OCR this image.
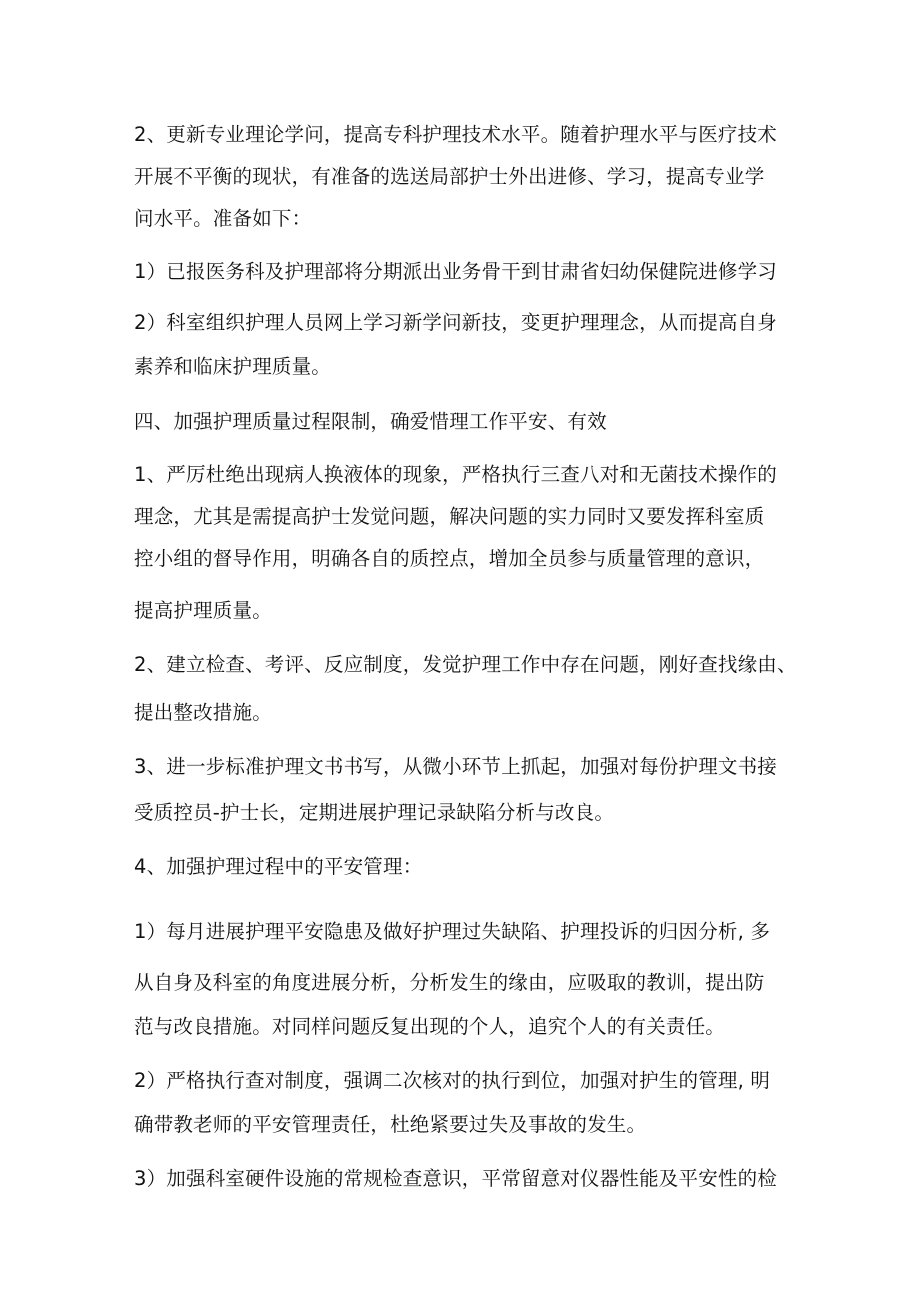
2、更新专业理论学问，提高专科护理技术水平。随着护理水平与医疗技术
开展不平衡的现状，有准备的选送局部护士外出进修、学习，提高专业学
问水平。准备如下：
1）已报医务科及护理部将分期派出业务骨干到甘肃省妇幼保健院进修学习
2）科室组织护理人员网上学习新学问新技，变更护理理念，从而提高自身
素养和临床护理质量。
四、加强护理质量过程限制，确爱惜理工作平安、有效
1、严厉杜绝出现病人换液体的现象，严格执行三查八对和无菌技术操作的
理念，尤其是需提高护士发觉问题，解决问题的实力同时又要发挥科室质
控小组的督导作用，明确各自的质控点，增加全员参与质量管理的意识，
提高护理质量。
2、建立检查、考评、反应制度，发觉护理工作中存在问题，刚好查找缘由、
提出整改措施。
3、进一步标准护理文书书写，从微小环节上抓起，加强对每份护理文书接
受质控员-护士长，定期进展护理记录缺陷分析与改良。
4、加强护理过程中的平安管理：
1）每月进展护理平安隐患及做好护理过失缺陷、护理投诉的归因分析, 多
从自身及科室的角度进展分析，分析发生的缘由，应吸取的教训，提出防
范与改良措施。对同样问题反复出现的个人，追究个人的有关责任。
2）严格执行查对制度，强调二次核对的执行到位，加强对护生的管理, 明
确带教老师的平安管理责任，杜绝紧要过失及事故的发生。
3）加强科室硬件设施的常规检查意识，平常留意对仪器性能及平安性的检
